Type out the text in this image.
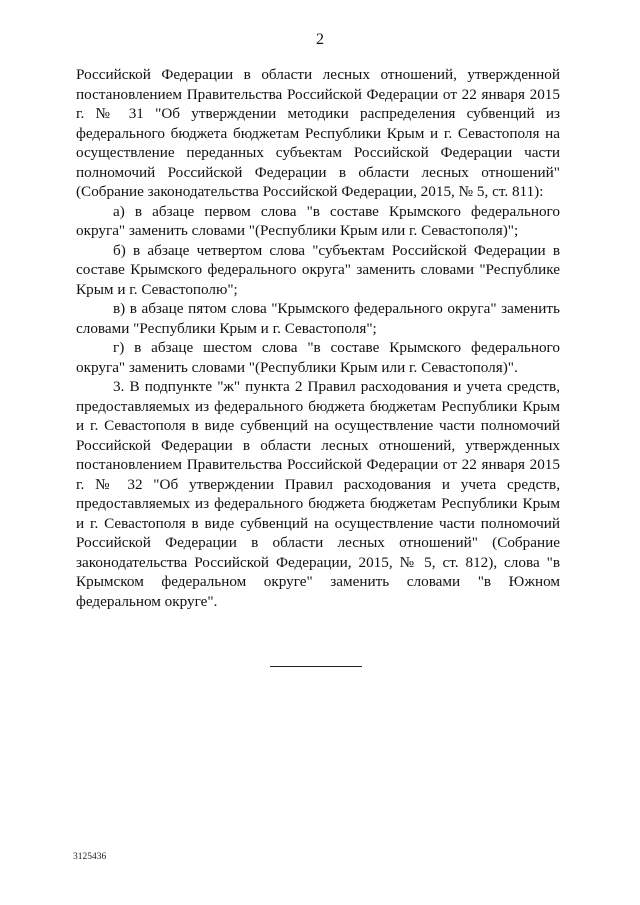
2

Российской Федерации в области лесных отношений, утвержденной постановлением Правительства Российской Федерации от 22 января 2015 г. № 31 "Об утверждении методики распределения субвенций из федерального бюджета бюджетам Республики Крым и г. Севастополя на осуществление переданных субъектам Российской Федерации части полномочий Российской Федерации в области лесных отношений" (Собрание законодательства Российской Федерации, 2015, № 5, ст. 811):

а) в абзаце первом слова "в составе Крымского федерального округа" заменить словами "(Республики Крым или г. Севастополя)";

б) в абзаце четвертом слова "субъектам Российской Федерации в составе Крымского федерального округа" заменить словами "Республике Крым и г. Севастополю";

в) в абзаце пятом слова "Крымского федерального округа" заменить словами "Республики Крым и г. Севастополя";

г) в абзаце шестом слова "в составе Крымского федерального округа" заменить словами "(Республики Крым или г. Севастополя)".

3. В подпункте "ж" пункта 2 Правил расходования и учета средств, предоставляемых из федерального бюджета бюджетам Республики Крым и г. Севастополя в виде субвенций на осуществление части полномочий Российской Федерации в области лесных отношений, утвержденных постановлением Правительства Российской Федерации от 22 января 2015 г. № 32 "Об утверждении Правил расходования и учета средств, предоставляемых из федерального бюджета бюджетам Республики Крым и г. Севастополя в виде субвенций на осуществление части полномочий Российской Федерации в области лесных отношений" (Собрание законодательства Российской Федерации, 2015, № 5, ст. 812), слова "в Крымском федеральном округе" заменить словами "в Южном федеральном округе".

3125436
